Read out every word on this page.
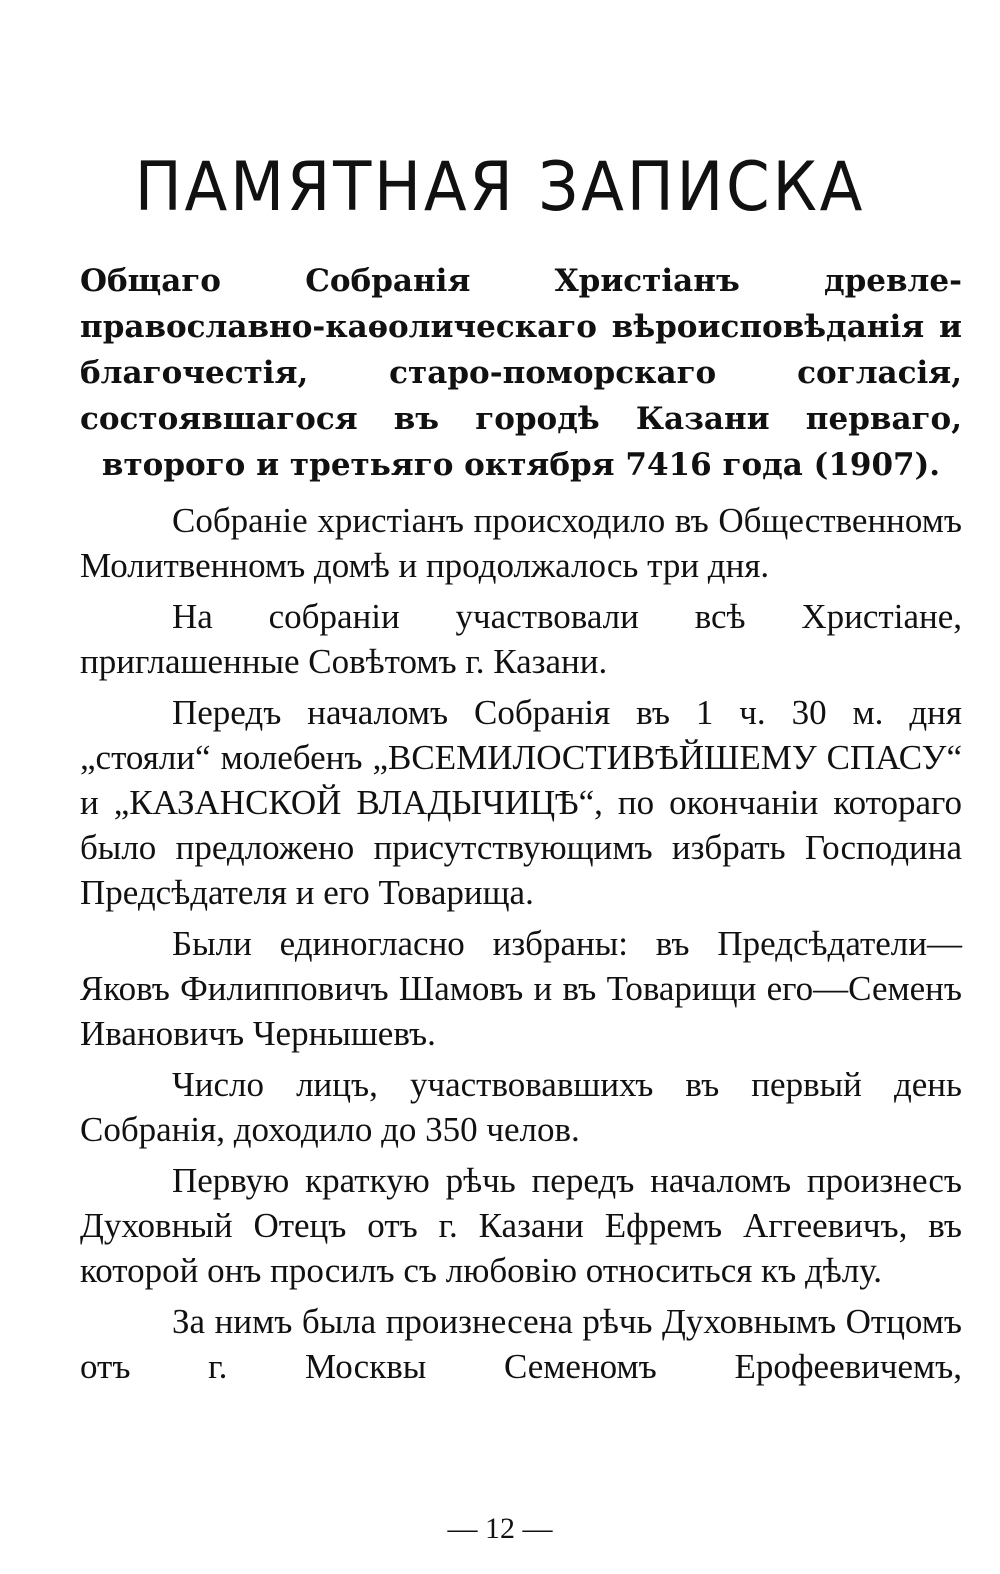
ПАМЯТНАЯ ЗАПИСКА

Общаго Собранія Христіанъ древле-православно-каѳолическаго вѣроисповѣданія и благочестія, старо-поморскаго согласія, состоявшагося въ городѣ Казани перваго, второго и третьяго октября 7416 года (1907).

Собраніе христіанъ происходило въ Общественномъ Молитвенномъ домѣ и продолжалось три дня.

На собраніи участвовали всѣ Христіане, приглашенные Совѣтомъ г. Казани.

Передъ началомъ Собранія въ 1 ч. 30 м. дня „стояли“ молебенъ „ВСЕМИЛОСТИВѢЙШЕМУ СПАСУ“ и „КАЗАНСКОЙ ВЛАДЫЧИЦѢ“, по окончаніи котораго было предложено присутствующимъ избрать Господина Предсѣдателя и его Товарища.

Были единогласно избраны: въ Предсѣдатели—Яковъ Филипповичъ Шамовъ и въ Товарищи его—Семенъ Ивановичъ Чернышевъ.

Число лицъ, участвовавшихъ въ первый день Собранія, доходило до 350 челов.

Первую краткую рѣчь передъ началомъ произнесъ Духовный Отецъ отъ г. Казани Ефремъ Аггеевичъ, въ которой онъ просилъ съ любовію относиться къ дѣлу.

За нимъ была произнесена рѣчь Духовнымъ Отцомъ отъ г. Москвы Семеномъ Ерофеевичемъ,

— 12 —
